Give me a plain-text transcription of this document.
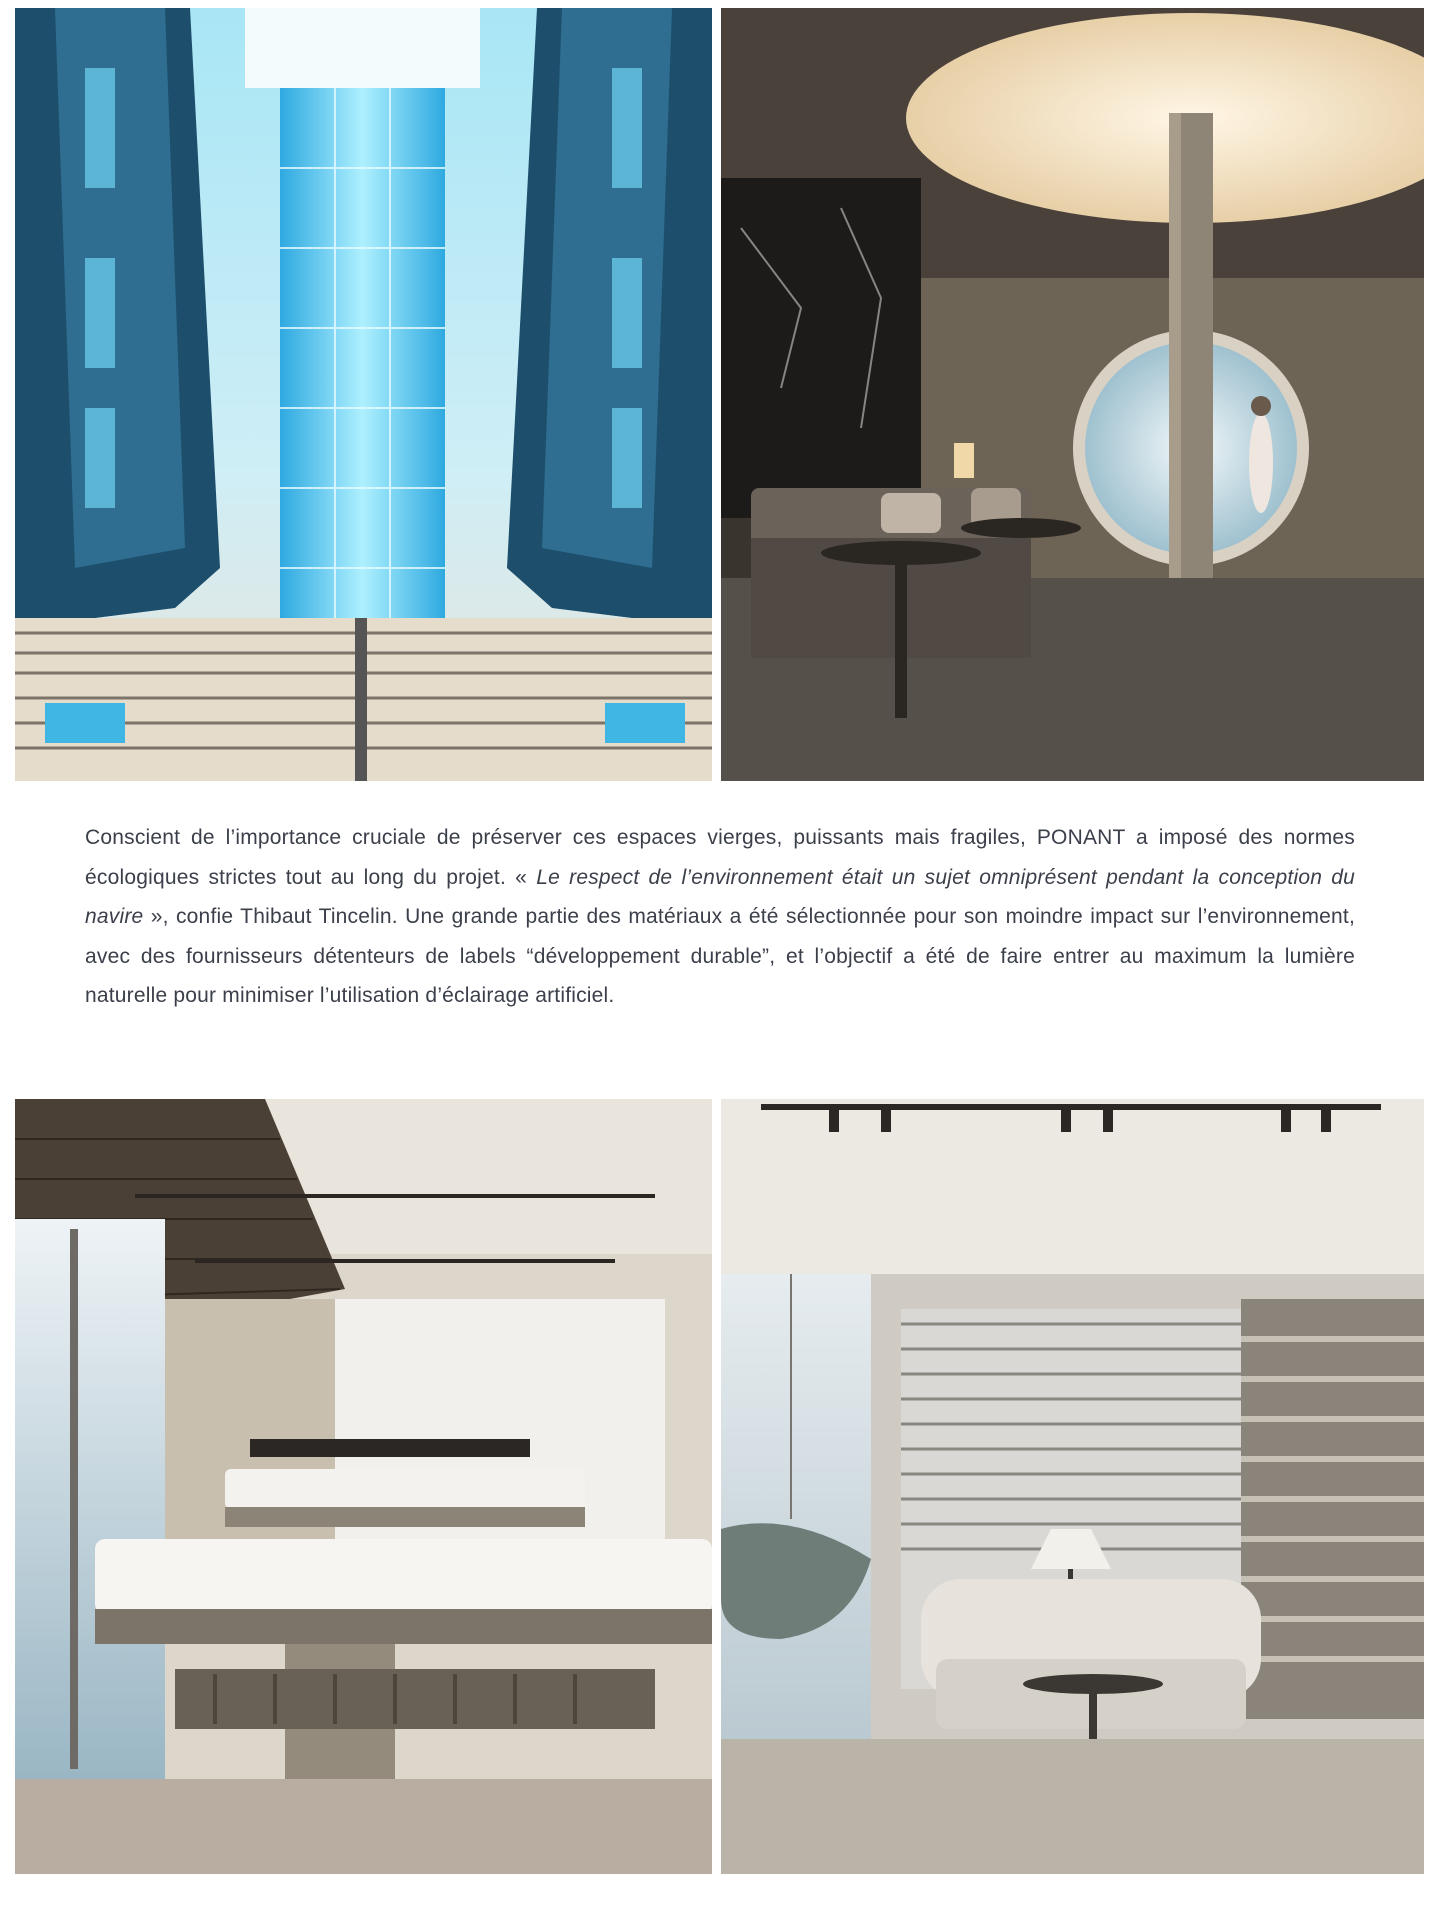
Conscient de l’importance cruciale de préserver ces espaces vierges, puissants mais fragiles, PONANT a imposé des normes écologiques strictes tout au long du projet. « Le respect de l’environnement était un sujet omniprésent pendant la conception du navire », confie Thibaut Tincelin. Une grande partie des matériaux a été sélectionnée pour son moindre impact sur l’environnement, avec des fournisseurs détenteurs de labels “développement durable”, et l’objectif a été de faire entrer au maximum la lumière naturelle pour minimiser l’utilisation d’éclairage artificiel.
